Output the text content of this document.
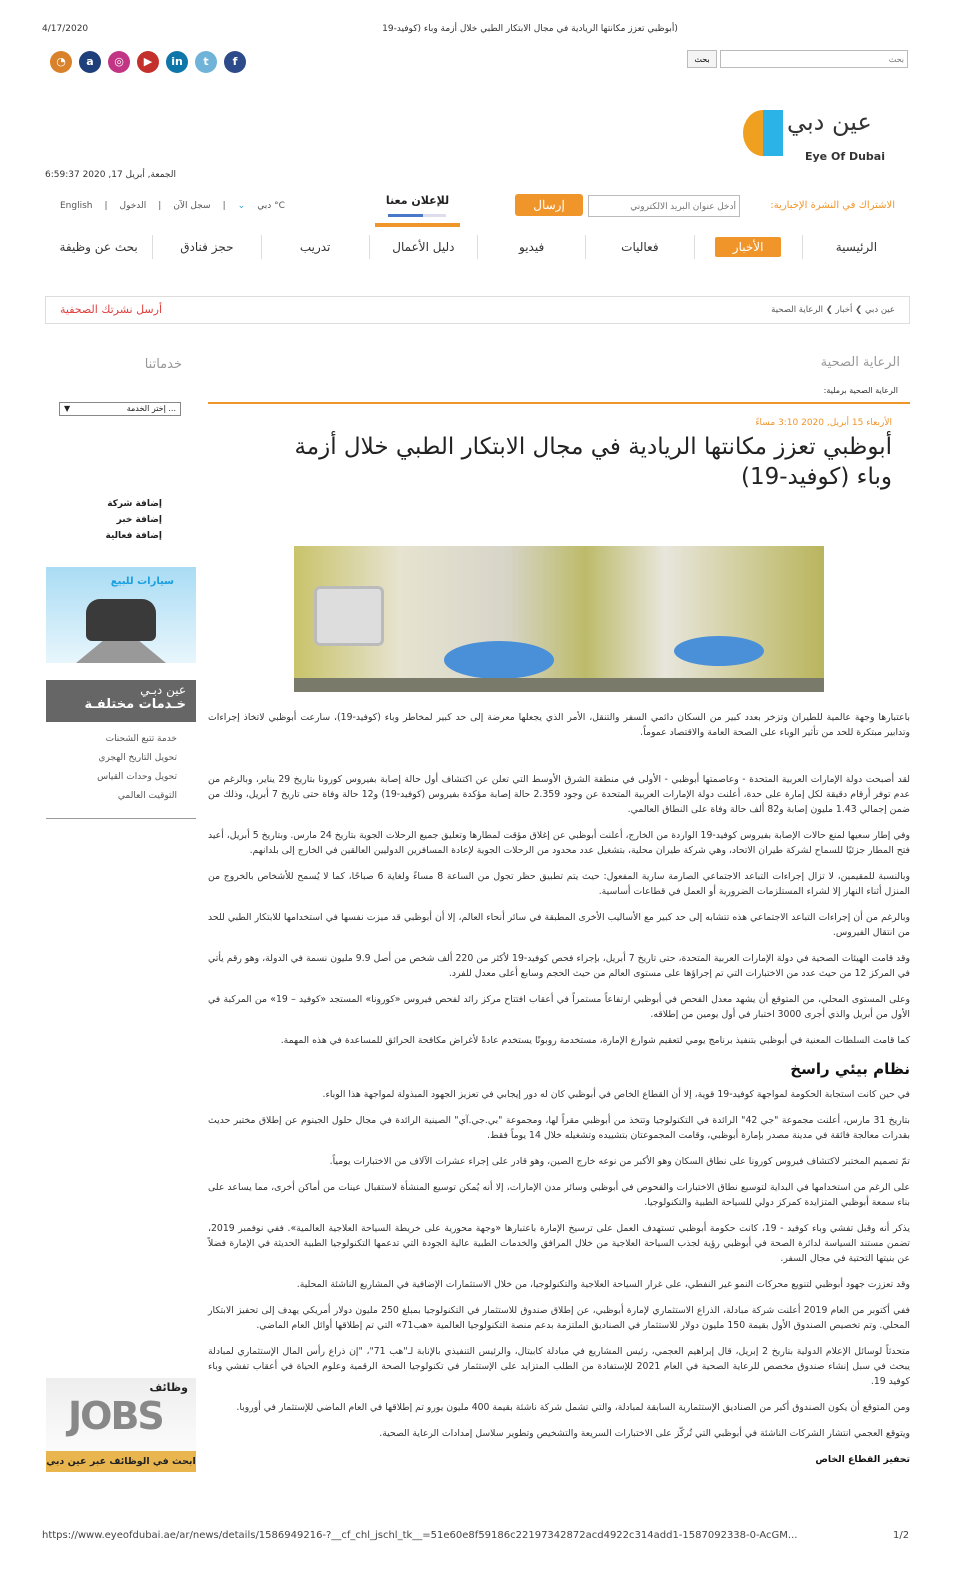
4/17/2020	(أبوظبي تعزز مكانتها الريادية في مجال الابتكار الطبي خلال أزمة وباء (كوفيد-19
◔ a ◎ ▶ in t f
بحث	بحث
عين دبي
Eye Of Dubai
الجمعة, أبريل 17, 2020 6:59:37
الاشتراك في النشرة الإخبارية:
أدخل عنوان البريد الالكتروني
إرسال
للإعلان معنا
English | الدخول | سجل الآن | ⌄ دبي °C
الرئيسية
الأخبار
فعاليات
فيديو
دليل الأعمال
تدريب
حجز فنادق
بحث عن وظيفة
عين دبي ❯ أخبار ❯ الرعاية الصحية
أرسل نشرتك الصحفية
الرعاية الصحية
الرعاية الصحية برملية:
خدماتنا
▼	إختر الخدمة ...
إضافة شركة
إضافة خبر
إضافة فعالية
سيارات للبيع
عين دبـي
خـدمات مختلفـة
خدمة تتبع الشحنات
تحويل التاريخ الهجري
تحويل وحدات القياس
التوقيت العالمي
وظائف
JOBS
ابحث في الوظائف عبر عين دبي
الأربعاء 15 أبريل, 2020 3:10 مساءً
أبوظبي تعزز مكانتها الريادية في مجال الابتكار الطبي خلال أزمة وباء (كوفيد-19)

باعتبارها وجهة عالمية للطيران وتزخر بعدد كبير من السكان دائمي السفر والتنقل، الأمر الذي يجعلها معرضة إلى حد كبير لمخاطر وباء (كوفيد-19)، سارعت أبوظبي لاتخاذ إجراءات وتدابير مبتكرة للحد من تأثير الوباء على الصحة العامة والاقتصاد عموماً.

لقد أصبحت دولة الإمارات العربية المتحدة - وعاصمتها أبوظبي - الأولى في منطقة الشرق الأوسط التي تعلن عن اكتشاف أول حالة إصابة بفيروس كورونا بتاريخ 29 يناير، وبالرغم من عدم توفر أرقام دقيقة لكل إمارة على حدة، أعلنت دولة الإمارات العربية المتحدة عن وجود 2.359 حالة إصابة مؤكدة بفيروس (كوفيد-19) و12 حالة وفاة حتى تاريخ 7 أبريل، وذلك من ضمن إجمالي 1.43 مليون إصابة و82 ألف حالة وفاة على النطاق العالمي.

وفي إطار سعيها لمنع حالات الإصابة بفيروس كوفيد-19 الواردة من الخارج، أعلنت أبوظبي عن إغلاق مؤقت لمطارها وتعليق جميع الرحلات الجوية بتاريخ 24 مارس. وبتاريخ 5 أبريل، أعيد فتح المطار جزئيًا للسماح لشركة طيران الاتحاد، وهي شركة طيران محلية، بتشغيل عدد محدود من الرحلات الجوية لإعادة المسافرين الدوليين العالقين في الخارج إلى بلدانهم.

وبالنسبة للمقيمين، لا تزال إجراءات التباعد الاجتماعي الصارمة سارية المفعول: حيث يتم تطبيق حظر تجول من الساعة 8 مساءً ولغاية 6 صباحًا، كما لا يُسمح للأشخاص بالخروج من المنزل أثناء النهار إلا لشراء المستلزمات الضرورية أو العمل في قطاعات أساسية.

وبالرغم من أن إجراءات التباعد الاجتماعي هذه تتشابه إلى حد كبير مع الأساليب الأخرى المطبقة في سائر أنحاء العالم، إلا أن أبوظبي قد ميزت نفسها في استخدامها للابتكار الطبي للحد من انتقال الفيروس.

وقد قامت الهيئات الصحية في دولة الإمارات العربية المتحدة، حتى تاريخ 7 أبريل، بإجراء فحص كوفيد-19 لأكثر من 220 ألف شخص من أصل 9.9 مليون نسمة في الدولة، وهو رقم يأتي في المركز 12 من حيث عدد من الاختبارات التي تم إجراؤها على مستوى العالم من حيث الحجم وسابع أعلى معدل للفرد.

وعلى المستوى المحلي، من المتوقع أن يشهد معدل الفحص في أبوظبي ارتفاعاً مستمراً في أعقاب افتتاح مركز رائد لفحص فيروس «كورونا» المستجد «كوفيد – 19» من المركبة في الأول من أبريل والذي أجرى 3000 اختبار في أول يومين من إطلاقه.

كما قامت السلطات المعنية في أبوظبي بتنفيذ برنامج يومي لتعقيم شوارع الإمارة، مستخدمة روبوتًا يستخدم عادةً لأغراض مكافحة الحرائق للمساعدة في هذه المهمة.

نظام بيئي راسخ

في حين كانت استجابة الحكومة لمواجهة كوفيد-19 قوية، إلا أن القطاع الخاص في أبوظبي كان له دور إيجابي في تعزيز الجهود المبذولة لمواجهة هذا الوباء.

بتاريخ 31 مارس، أعلنت مجموعة "جي 42" الرائدة في التكنولوجيا وتتخذ من أبوظبي مقراً لها، ومجموعة "بي.جي.آي" الصينية الرائدة في مجال حلول الجينوم عن إطلاق مختبر حديث بقدرات معالجة فائقة في مدينة مصدر بإمارة أبوظبي، وقامت المجموعتان بتشييده وتشغيله خلال 14 يوماً فقط.

تمّ تصميم المختبر لاكتشاف فيروس كورونا على نطاق السكان وهو الأكبر من نوعه خارج الصين، وهو قادر على إجراء عشرات الآلاف من الاختبارات يومياً.

على الرغم من استخدامها في البداية لتوسيع نطاق الاختبارات والفحوص في أبوظبي وسائر مدن الإمارات، إلا أنه يُمكن توسيع المنشأة لاستقبال عينات من أماكن أخرى، مما يساعد على بناء سمعة أبوظبي المتزايدة كمركز دولي للسياحة الطبية والتكنولوجيا.

يذكر أنه وقبل تفشي وباء كوفيد - 19، كانت حكومة أبوظبي تستهدف العمل على ترسيخ الإمارة باعتبارها «وجهة محورية على خريطة السياحة العلاجية العالمية». ففي نوفمبر 2019، تضمن مستند السياسة لدائرة الصحة في أبوظبي رؤية لجذب السياحة العلاجية من خلال المرافق والخدمات الطبية عالية الجودة التي تدعمها التكنولوجيا الطبية الحديثة في الإمارة فضلاً عن بنيتها التحتية في مجال السفر.

وقد تعززت جهود أبوظبي لتنويع محركات النمو غير النفطي، على غرار السياحة العلاجية والتكنولوجيا، من خلال الاستثمارات الإضافية في المشاريع الناشئة المحلية.

ففي أكتوبر من العام 2019 أعلنت شركة مبادلة، الذراع الاستثماري لإمارة أبوظبي، عن إطلاق صندوق للاستثمار في التكنولوجيا بمبلغ 250 مليون دولار أمريكي يهدف إلى تحفيز الابتكار المحلي. وتم تخصيص الصندوق الأول بقيمة 150 مليون دولار للاستثمار في الصناديق الملتزمة بدعم منصة التكنولوجيا العالمية «هب71» التي تم إطلاقها أوائل العام الماضي.

متحدثاً لوسائل الإعلام الدولية بتاريخ 2 إبريل، قال إبراهيم العجمي، رئيس المشاريع في مبادلة كابيتال، والرئيس التنفيذي بالإنابة لـ"هب 71"، "إن ذراع رأس المال الإستثماري لمبادلة يبحث في سبل إنشاء صندوق مخصص للرعاية الصحية في العام 2021 للإستفادة من الطلب المتزايد على الإستثمار في تكنولوجيا الصحة الرقمية وعلوم الحياة في أعقاب تفشي وباء كوفيد 19.

ومن المتوقع أن يكون الصندوق أكبر من الصناديق الإستثمارية السابقة لمبادلة، والتي تشمل شركة ناشئة بقيمة 400 مليون يورو تم إطلاقها في العام الماضي للإستثمار في أوروبا.

ويتوقع العجمي انتشار الشركات الناشئة في أبوظبي التي تُركّز على الاختبارات السريعة والتشخيص وتطوير سلاسل إمدادات الرعاية الصحية.

تحفيز القطاع الخاص

https://www.eyeofdubai.ae/ar/news/details/1586949216-?__cf_chl_jschl_tk__=51e60e8f59186c22197342872acd4922c314add1-1587092338-0-AcGM...	1/2
